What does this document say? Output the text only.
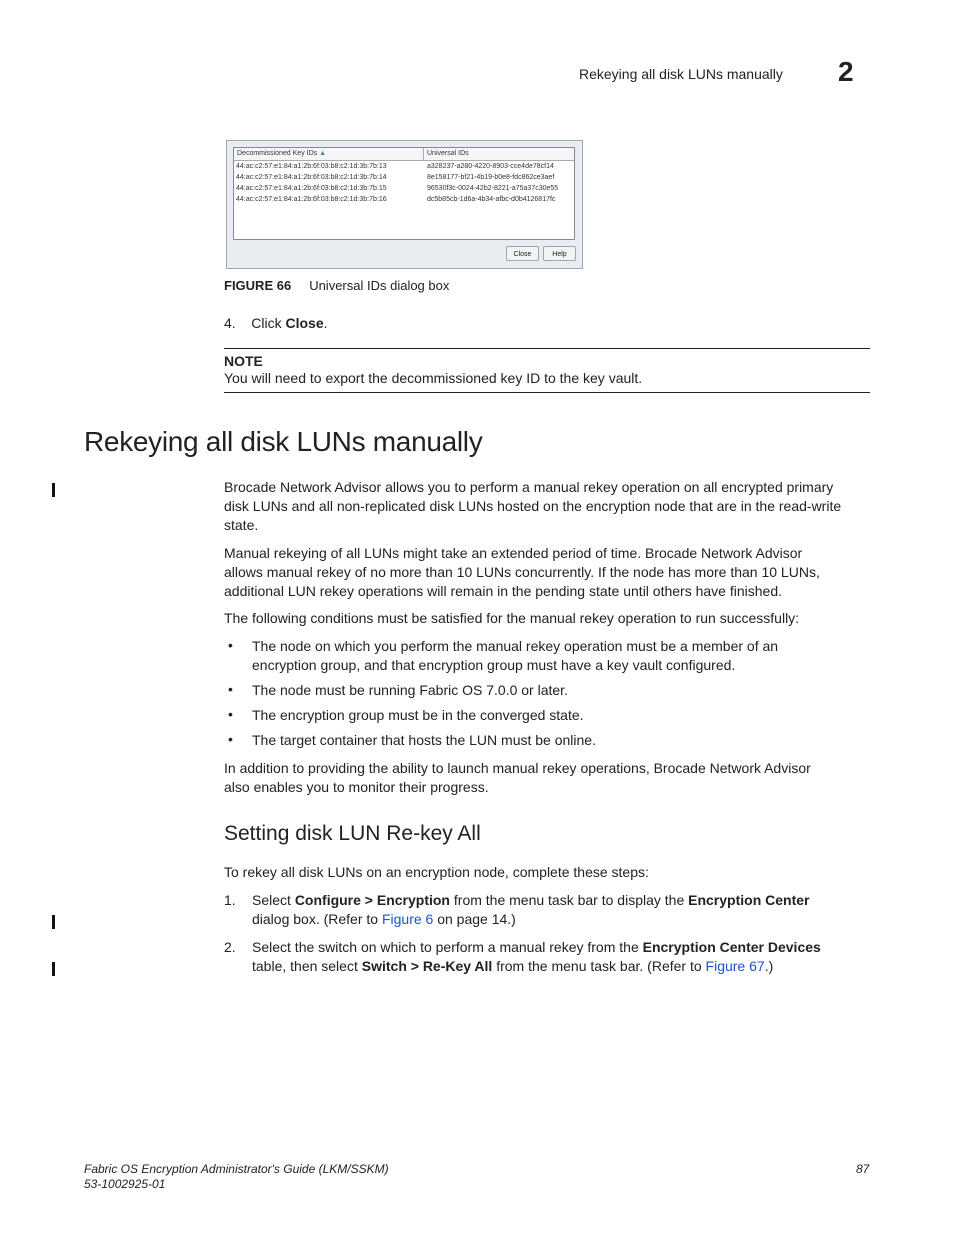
Rekeying all disk LUNs manually 2
Decommissioned Key IDs ▲	Universal IDs
44:ac:c2:57:e1:84:a1:2b:6f:03:b8:c2:1d:3b:7b:13	a328237-a280-4220-8903-cce4de78cf14
44:ac:c2:57:e1:84:a1:2b:6f:03:b8:c2:1d:3b:7b:14	8e158177-bf21-4b19-b0e8-fdc862ce3aef
44:ac:c2:57:e1:84:a1:2b:6f:03:b8:c2:1d:3b:7b:15	96530f3c-0024-42b2-8221-a75a37c30e55
44:ac:c2:57:e1:84:a1:2b:6f:03:b8:c2:1d:3b:7b:16	dc5b85cb-1d6a-4b34-afbc-d0b4126817fc
Close	Help
FIGURE 66 Universal IDs dialog box
4. Click Close.
NOTE
You will need to export the decommissioned key ID to the key vault.
Rekeying all disk LUNs manually
Brocade Network Advisor allows you to perform a manual rekey operation on all encrypted primary
disk LUNs and all non-replicated disk LUNs hosted on the encryption node that are in the read-write
state.
Manual rekeying of all LUNs might take an extended period of time. Brocade Network Advisor
allows manual rekey of no more than 10 LUNs concurrently. If the node has more than 10 LUNs,
additional LUN rekey operations will remain in the pending state until others have finished.
The following conditions must be satisfied for the manual rekey operation to run successfully:
• The node on which you perform the manual rekey operation must be a member of an
encryption group, and that encryption group must have a key vault configured.
• The node must be running Fabric OS 7.0.0 or later.
• The encryption group must be in the converged state.
• The target container that hosts the LUN must be online.
In addition to providing the ability to launch manual rekey operations, Brocade Network Advisor
also enables you to monitor their progress.
Setting disk LUN Re-key All
To rekey all disk LUNs on an encryption node, complete these steps:
1. Select Configure > Encryption from the menu task bar to display the Encryption Center
dialog box. (Refer to Figure 6 on page 14.)
2. Select the switch on which to perform a manual rekey from the Encryption Center Devices
table, then select Switch > Re-Key All from the menu task bar. (Refer to Figure 67.)
Fabric OS Encryption Administrator's Guide (LKM/SSKM)
53-1002925-01
87
